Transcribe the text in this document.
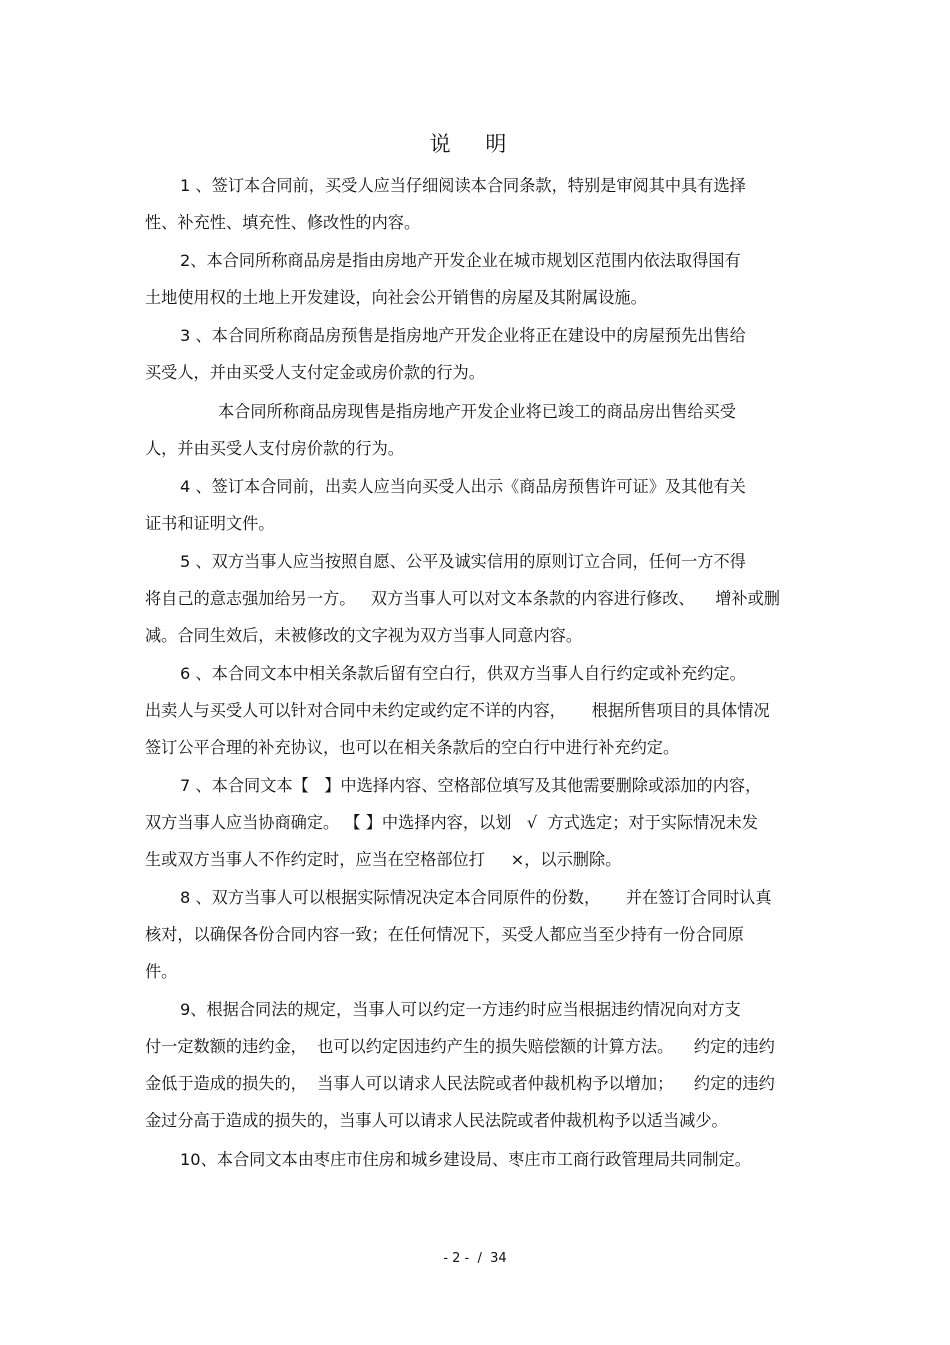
说 明
1 、签订本合同前，买受人应当仔细阅读本合同条款，特别是审阅其中具有选择
性、补充性、填充性、修改性的内容。
2、本合同所称商品房是指由房地产开发企业在城市规划区范围内依法取得国有
土地使用权的土地上开发建设，向社会公开销售的房屋及其附属设施。
3 、本合同所称商品房预售是指房地产开发企业将正在建设中的房屋预先出售给
买受人，并由买受人支付定金或房价款的行为。
本合同所称商品房现售是指房地产开发企业将已竣工的商品房出售给买受
人，并由买受人支付房价款的行为。
4 、签订本合同前，出卖人应当向买受人出示《商品房预售许可证》及其他有关
证书和证明文件。
5 、双方当事人应当按照自愿、公平及诚实信用的原则订立合同，任何一方不得
将自己的意志强加给另一方。   双方当事人可以对文本条款的内容进行修改、    增补或删
减。合同生效后，未被修改的文字视为双方当事人同意内容。
6 、本合同文本中相关条款后留有空白行，供双方当事人自行约定或补充约定。
出卖人与买受人可以针对合同中未约定或约定不详的内容，     根据所售项目的具体情况
签订公平合理的补充协议，也可以在相关条款后的空白行中进行补充约定。
7 、本合同文本【   】中选择内容、空格部位填写及其他需要删除或添加的内容，
双方当事人应当协商确定。 【 】中选择内容，以划   √  方式选定；对于实际情况未发
生或双方当事人不作约定时，应当在空格部位打     ×，以示删除。
8 、双方当事人可以根据实际情况决定本合同原件的份数，     并在签订合同时认真
核对，以确保各份合同内容一致；在任何情况下，买受人都应当至少持有一份合同原
件。
9、根据合同法的规定，当事人可以约定一方违约时应当根据违约情况向对方支
付一定数额的违约金，  也可以约定因违约产生的损失赔偿额的计算方法。    约定的违约
金低于造成的损失的，  当事人可以请求人民法院或者仲裁机构予以增加；    约定的违约
金过分高于造成的损失的，当事人可以请求人民法院或者仲裁机构予以适当减少。
10、本合同文本由枣庄市住房和城乡建设局、枣庄市工商行政管理局共同制定。
- 2 -  /  34
